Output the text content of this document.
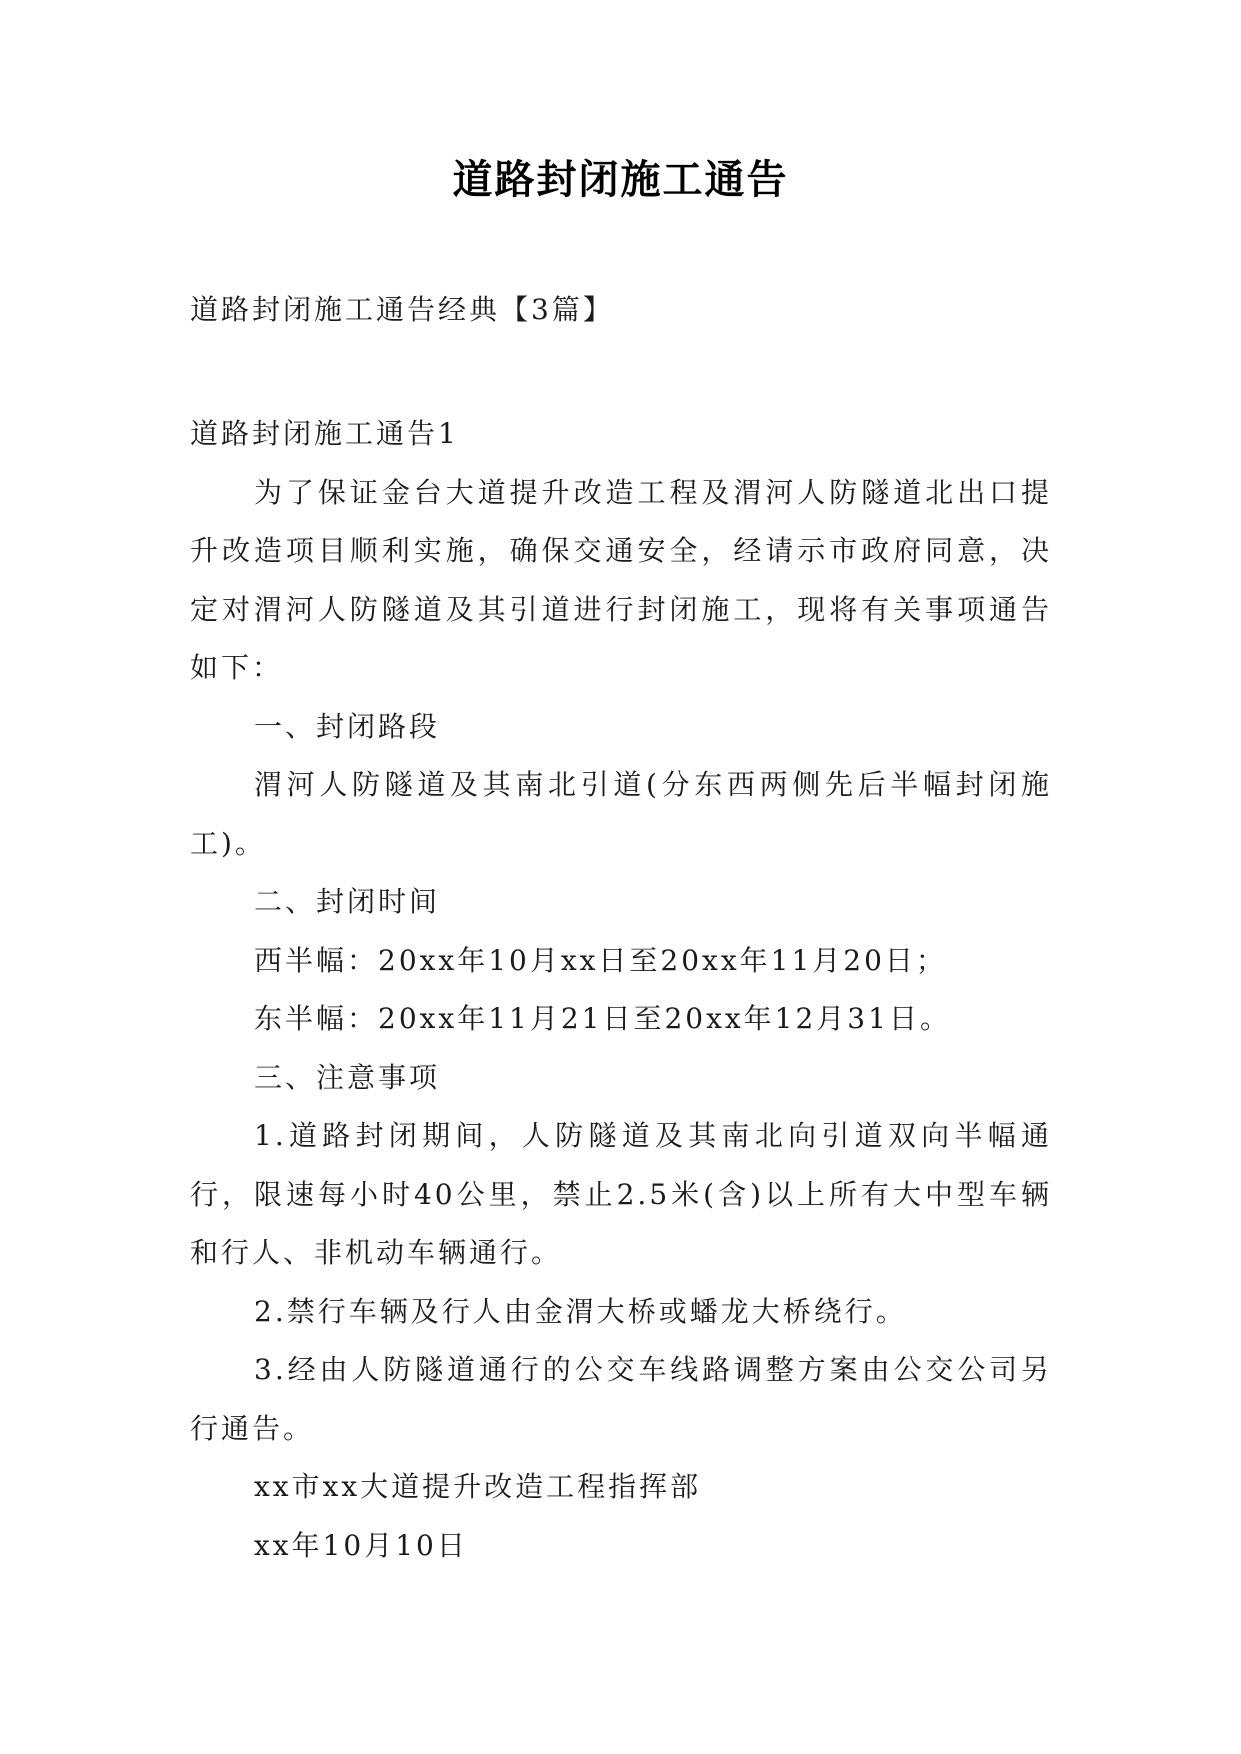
道路封闭施工通告
道路封闭施工通告经典【3篇】

道路封闭施工通告1

为了保证金台大道提升改造工程及渭河人防隧道北出口提升改造项目顺利实施，确保交通安全，经请示市政府同意，决定对渭河人防隧道及其引道进行封闭施工，现将有关事项通告如下：

一、封闭路段

渭河人防隧道及其南北引道(分东西两侧先后半幅封闭施工)。

二、封闭时间

西半幅：20xx年10月xx日至20xx年11月20日；

东半幅：20xx年11月21日至20xx年12月31日。

三、注意事项

1.道路封闭期间，人防隧道及其南北向引道双向半幅通行，限速每小时40公里，禁止2.5米(含)以上所有大中型车辆和行人、非机动车辆通行。

2.禁行车辆及行人由金渭大桥或蟠龙大桥绕行。

3.经由人防隧道通行的公交车线路调整方案由公交公司另行通告。

xx市xx大道提升改造工程指挥部

xx年10月10日
